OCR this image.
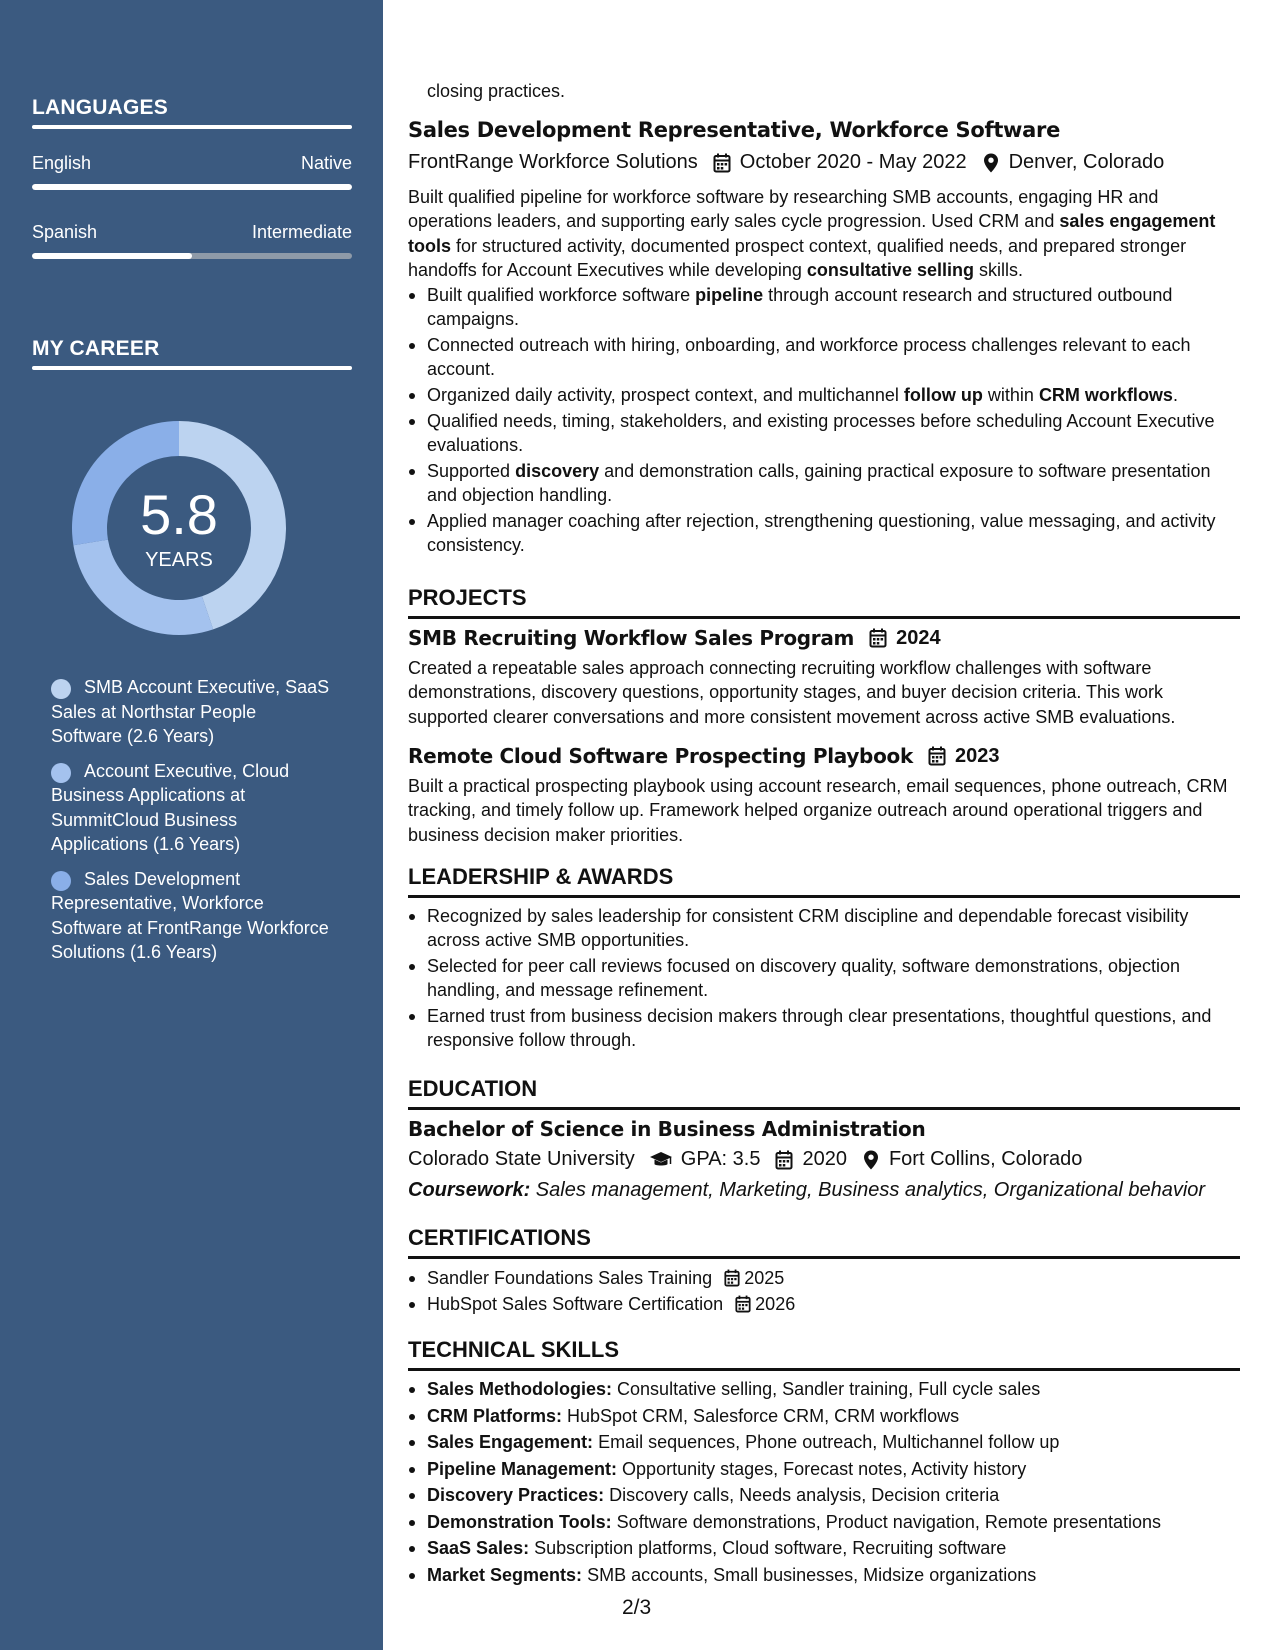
LANGUAGES
English	Native
Spanish	Intermediate
MY CAREER
5.8
YEARS
SMB Account Executive, SaaS Sales at Northstar People Software (2.6 Years)
Account Executive, Cloud Business Applications at SummitCloud Business Applications (1.6 Years)
Sales Development Representative, Workforce Software at FrontRange Workforce Solutions (1.6 Years)
closing practices.
Sales Development Representative, Workforce Software
FrontRange Workforce Solutions October 2020 - May 2022 Denver, Colorado
Built qualified pipeline for workforce software by researching SMB accounts, engaging HR and operations leaders, and supporting early sales cycle progression. Used CRM and sales engagement tools for structured activity, documented prospect context, qualified needs, and prepared stronger handoffs for Account Executives while developing consultative selling skills.
Built qualified workforce software pipeline through account research and structured outbound campaigns.
Connected outreach with hiring, onboarding, and workforce process challenges relevant to each account.
Organized daily activity, prospect context, and multichannel follow up within CRM workflows.
Qualified needs, timing, stakeholders, and existing processes before scheduling Account Executive evaluations.
Supported discovery and demonstration calls, gaining practical exposure to software presentation and objection handling.
Applied manager coaching after rejection, strengthening questioning, value messaging, and activity consistency.
PROJECTS
SMB Recruiting Workflow Sales Program 2024
Created a repeatable sales approach connecting recruiting workflow challenges with software demonstrations, discovery questions, opportunity stages, and buyer decision criteria. This work supported clearer conversations and more consistent movement across active SMB evaluations.
Remote Cloud Software Prospecting Playbook 2023
Built a practical prospecting playbook using account research, email sequences, phone outreach, CRM tracking, and timely follow up. Framework helped organize outreach around operational triggers and business decision maker priorities.
LEADERSHIP & AWARDS
Recognized by sales leadership for consistent CRM discipline and dependable forecast visibility across active SMB opportunities.
Selected for peer call reviews focused on discovery quality, software demonstrations, objection handling, and message refinement.
Earned trust from business decision makers through clear presentations, thoughtful questions, and responsive follow through.
EDUCATION
Bachelor of Science in Business Administration
Colorado State University GPA: 3.5 2020 Fort Collins, Colorado
Coursework: Sales management, Marketing, Business analytics, Organizational behavior
CERTIFICATIONS
Sandler Foundations Sales Training 2025
HubSpot Sales Software Certification 2026
TECHNICAL SKILLS
Sales Methodologies: Consultative selling, Sandler training, Full cycle sales
CRM Platforms: HubSpot CRM, Salesforce CRM, CRM workflows
Sales Engagement: Email sequences, Phone outreach, Multichannel follow up
Pipeline Management: Opportunity stages, Forecast notes, Activity history
Discovery Practices: Discovery calls, Needs analysis, Decision criteria
Demonstration Tools: Software demonstrations, Product navigation, Remote presentations
SaaS Sales: Subscription platforms, Cloud software, Recruiting software
Market Segments: SMB accounts, Small businesses, Midsize organizations
2/3
